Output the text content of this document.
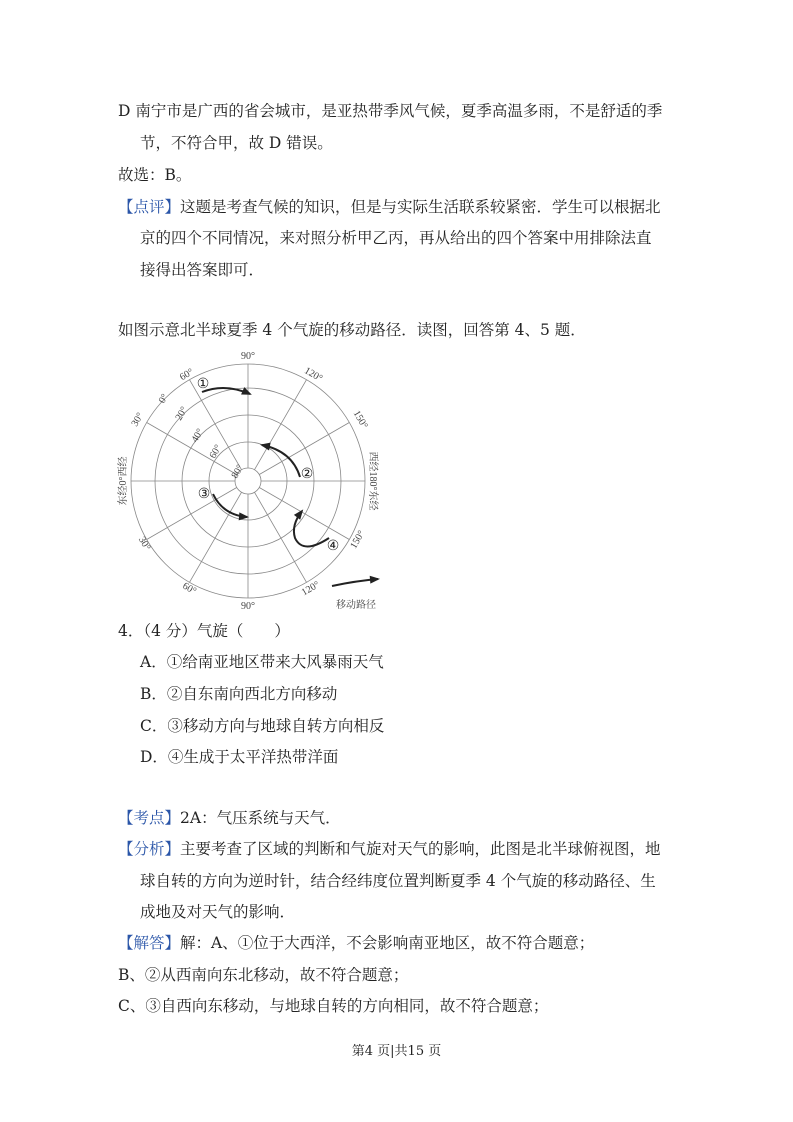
D 南宁市是广西的省会城市，是亚热带季风气候，夏季高温多雨，不是舒适的季
节，不符合甲，故 D 错误。
故选：B。
【点评】这题是考查气候的知识，但是与实际生活联系较紧密．学生可以根据北
京的四个不同情况，来对照分析甲乙丙，再从给出的四个答案中用排除法直
接得出答案即可．
如图示意北半球夏季 4 个气旋的移动路径．读图，回答第 4、5 题．
90°
90°
60°	120°
150°
30°
30°
60°	120°
150°
0°
20°
40°
60°
80°
东经0°西经	西经180°东经
①
②
③
④
移动路径
4．（4 分）气旋（　　）
A．①给南亚地区带来大风暴雨天气
B．②自东南向西北方向移动
C．③移动方向与地球自转方向相反
D．④生成于太平洋热带洋面
【考点】2A：气压系统与天气．
【分析】主要考查了区域的判断和气旋对天气的影响，此图是北半球俯视图，地
球自转的方向为逆时针，结合经纬度位置判断夏季 4 个气旋的移动路径、生
成地及对天气的影响．
【解答】解：A、①位于大西洋，不会影响南亚地区，故不符合题意；
B、②从西南向东北移动，故不符合题意；
C、③自西向东移动，与地球自转的方向相同，故不符合题意；
第4 页|共15 页
